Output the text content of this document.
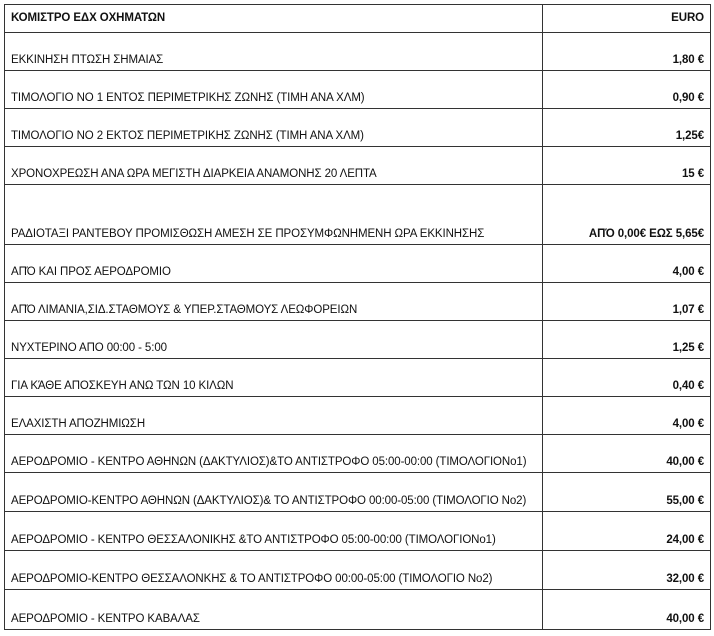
ΚΟΜΙΣΤΡΟ ΕΔΧ ΟΧΗΜΑΤΩΝ	EURO
ΕΚΚΙΝΗΣΗ ΠΤΩΣΗ ΣΗΜΑΙΑΣ	1,80 €
ΤΙΜΟΛΟΓΙΟ ΝΟ 1 ΕΝΤΟΣ ΠΕΡΙΜΕΤΡΙΚΗΣ ΖΩΝΗΣ (ΤΙΜΗ ΑΝΑ ΧΛΜ)	0,90 €
ΤΙΜΟΛΟΓΙΟ ΝΟ 2 ΕΚΤΟΣ ΠΕΡΙΜΕΤΡΙΚΗΣ ΖΩΝΗΣ (ΤΙΜΗ ΑΝΑ ΧΛΜ)	1,25€
ΧΡΟΝΟΧΡΕΩΣΗ ΑΝΑ ΩΡΑ ΜΕΓΙΣΤΗ ΔΙΑΡΚΕΙΑ ΑΝΑΜΟΝΗΣ 20 ΛΕΠΤΑ	15 €
ΡΑΔΙΟΤΑΞΙ ΡΑΝΤΕΒΟΥ ΠΡΟΜΙΣΘΩΣΗ ΑΜΕΣΗ ΣΕ ΠΡΟΣΥΜΦΩΝΗΜΕΝΗ ΩΡΑ ΕΚΚΙΝΗΣΗΣ	ΑΠΌ 0,00€ ΕΩΣ 5,65€
ΑΠΌ ΚΑΙ ΠΡΟΣ ΑΕΡΟΔΡΟΜΙΟ	4,00 €
ΑΠΌ ΛΙΜΑΝΙΑ,ΣΙΔ.ΣΤΑΘΜΟΥΣ & ΥΠΕΡ.ΣΤΑΘΜΟΥΣ ΛΕΩΦΟΡΕΙΩΝ	1,07 €
ΝΥΧΤΕΡΙΝΟ ΑΠΟ 00:00 - 5:00	1,25 €
ΓΙΑ ΚΆΘΕ ΑΠΟΣΚΕΥΗ ΑΝΩ ΤΩΝ 10 ΚΙΛΩΝ	0,40 €
ΕΛΑΧΙΣΤΗ ΑΠΟΖΗΜΙΩΣΗ	4,00 €
ΑΕΡΟΔΡΟΜΙΟ - ΚΕΝΤΡΟ ΑΘΗΝΩΝ (ΔΑΚΤΥΛΙΟΣ)&ΤΟ ΑΝΤΙΣΤΡΟΦΟ 05:00-00:00 (ΤΙΜΟΛΟΓΙΟΝο1)	40,00 €
ΑΕΡΟΔΡΟΜΙΟ-ΚΕΝΤΡΟ ΑΘΗΝΩΝ (ΔΑΚΤΥΛΙΟΣ)& ΤΟ ΑΝΤΙΣΤΡΟΦΟ 00:00-05:00 (ΤΙΜΟΛΟΓΙΟ Νο2)	55,00 €
ΑΕΡΟΔΡΟΜΙΟ - ΚΕΝΤΡΟ ΘΕΣΣΑΛΟΝΙΚΗΣ &ΤΟ ΑΝΤΙΣΤΡΟΦΟ 05:00-00:00 (ΤΙΜΟΛΟΓΙΟΝο1)	24,00 €
ΑΕΡΟΔΡΟΜΙΟ-ΚΕΝΤΡΟ ΘΕΣΣΑΛΟΝΚΗΣ & ΤΟ ΑΝΤΙΣΤΡΟΦΟ 00:00-05:00 (ΤΙΜΟΛΟΓΙΟ Νο2)	32,00 €
ΑΕΡΟΔΡΟΜΙΟ - ΚΕΝΤΡΟ ΚΑΒΑΛΑΣ	40,00 €
